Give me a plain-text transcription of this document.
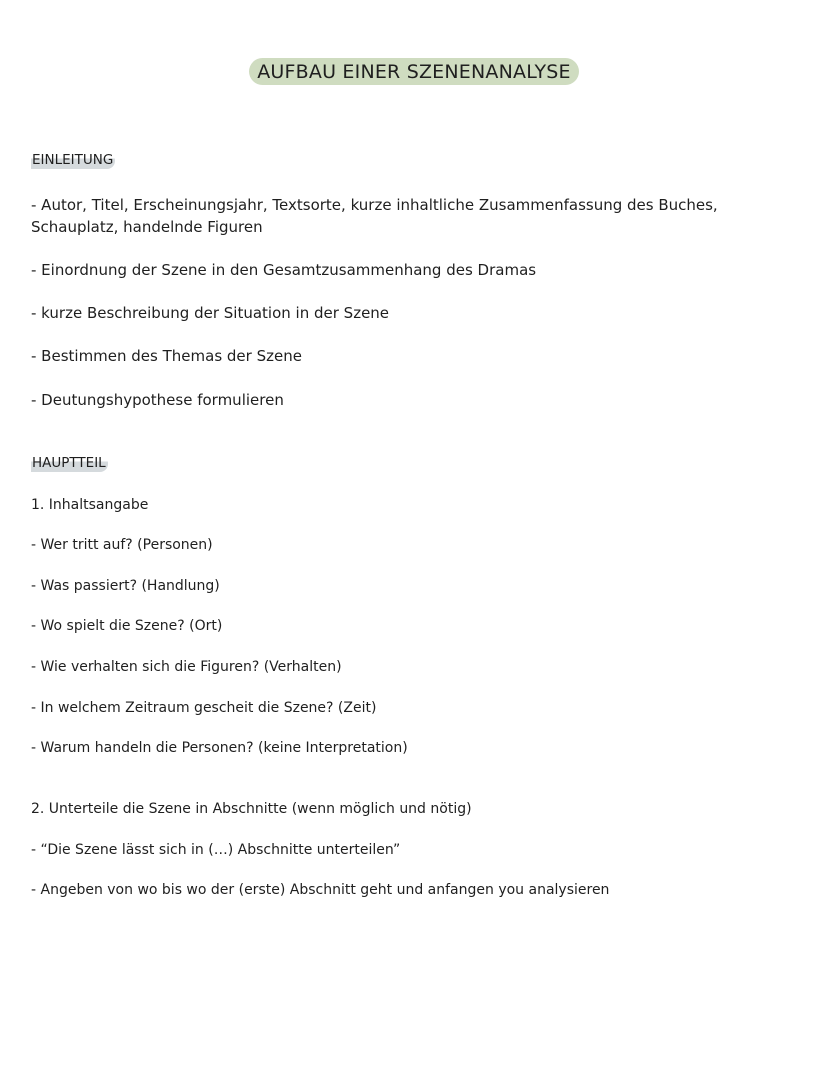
AUFBAU EINER SZENENANALYSE
EINLEITUNG
- Autor, Titel, Erscheinungsjahr, Textsorte, kurze inhaltliche Zusammenfassung des Buches, Schauplatz, handelnde Figuren
- Einordnung der Szene in den Gesamtzusammenhang des Dramas
- kurze Beschreibung der Situation in der Szene
- Bestimmen des Themas der Szene
- Deutungshypothese formulieren
HAUPTTEIL
1. Inhaltsangabe
- Wer tritt auf? (Personen)
- Was passiert? (Handlung)
- Wo spielt die Szene? (Ort)
- Wie verhalten sich die Figuren? (Verhalten)
- In welchem Zeitraum gescheit die Szene? (Zeit)
- Warum handeln die Personen? (keine Interpretation)
2. Unterteile die Szene in Abschnitte (wenn möglich und nötig)
- “Die Szene lässt sich in (…) Abschnitte unterteilen”
- Angeben von wo bis wo der (erste) Abschnitt geht und anfangen you analysieren
